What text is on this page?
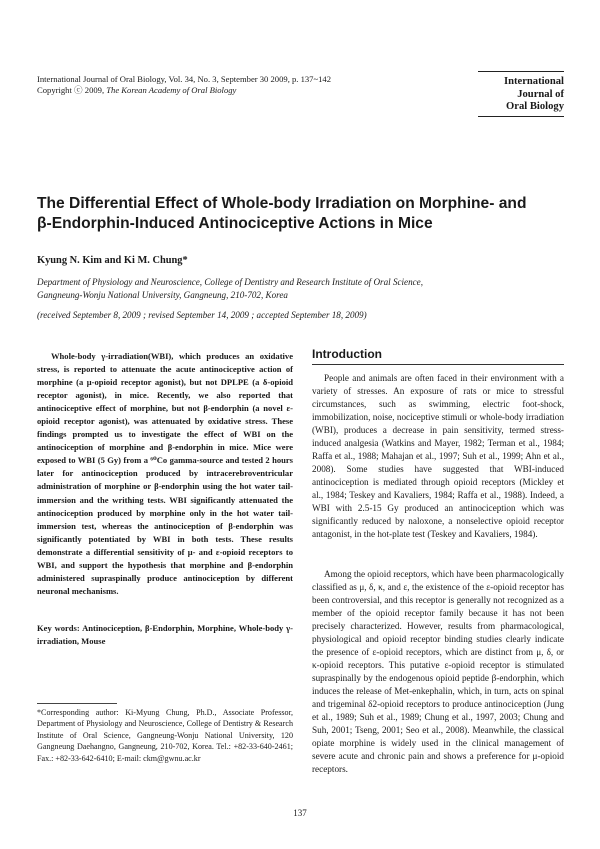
International Journal of Oral Biology, Vol. 34, No. 3, September 30 2009, p. 137~142
Copyright ⓒ 2009, The Korean Academy of Oral Biology
International
Journal of
Oral Biology
The Differential Effect of Whole-body Irradiation on Morphine- and
β-Endorphin-Induced Antinociceptive Actions in Mice
Kyung N. Kim and Ki M. Chung*
Department of Physiology and Neuroscience, College of Dentistry and Research Institute of Oral Science,
Gangneung-Wonju National University, Gangneung, 210-702, Korea
(received September 8, 2009 ; revised September 14, 2009 ; accepted September 18, 2009)
Whole-body γ-irradiation(WBI), which produces an oxidative stress, is reported to attenuate the acute antinociceptive action of morphine (a μ-opioid receptor agonist), but not DPLPE (a δ-opioid receptor agonist), in mice. Recently, we also reported that antinociceptive effect of morphine, but not β-endorphin (a novel ε-opioid receptor agonist), was attenuated by oxidative stress. These findings prompted us to investigate the effect of WBI on the antinociception of morphine and β-endorphin in mice. Mice were exposed to WBI (5 Gy) from a ⁶⁰Co gamma-source and tested 2 hours later for antinociception produced by intracerebroventricular administration of morphine or β-endorphin using the hot water tail-immersion and the writhing tests. WBI significantly attenuated the antinociception produced by morphine only in the hot water tail-immersion test, whereas the antinociception of β-endorphin was significantly potentiated by WBI in both tests. These results demonstrate a differential sensitivity of μ- and ε-opioid receptors to WBI, and support the hypothesis that morphine and β-endorphin administered supraspinally produce antinociception by different neuronal mechanisms.
Key words: Antinociception, β-Endorphin, Morphine, Whole-body γ-irradiation, Mouse
*Corresponding author: Ki-Myung Chung, Ph.D., Associate Professor, Department of Physiology and Neuroscience, College of Dentistry & Research Institute of Oral Science, Gangneung-Wonju National University, 120 Gangneung Daehangno, Gangneung, 210-702, Korea. Tel.: +82-33-640-2461; Fax.: +82-33-642-6410; E-mail: ckm@gwnu.ac.kr
Introduction
People and animals are often faced in their environment with a variety of stresses. An exposure of rats or mice to stressful circumstances, such as swimming, electric foot-shock, immobilization, noise, nociceptive stimuli or whole-body irradiation (WBI), produces a decrease in pain sensitivity, termed stress-induced analgesia (Watkins and Mayer, 1982; Terman et al., 1984; Raffa et al., 1988; Mahajan et al., 1997; Suh et al., 1999; Ahn et al., 2008). Some studies have suggested that WBI-induced antinociception is mediated through opioid receptors (Mickley et al., 1984; Teskey and Kavaliers, 1984; Raffa et al., 1988). Indeed, a WBI with 2.5-15 Gy produced an antinociception which was significantly reduced by naloxone, a nonselective opioid receptor antagonist, in the hot-plate test (Teskey and Kavaliers, 1984).
Among the opioid receptors, which have been pharmacologically classified as μ, δ, κ, and ε, the existence of the ε-opioid receptor has been controversial, and this receptor is generally not recognized as a member of the opioid receptor family because it has not been precisely characterized. However, results from pharmacological, physiological and opioid receptor binding studies clearly indicate the presence of ε-opioid receptors, which are distinct from μ, δ, or κ-opioid receptors. This putative ε-opioid receptor is stimulated supraspinally by the endogenous opioid peptide β-endorphin, which induces the release of Met-enkephalin, which, in turn, acts on spinal and trigeminal δ2-opioid receptors to produce antinociception (Jung et al., 1989; Suh et al., 1989; Chung et al., 1997, 2003; Chung and Suh, 2001; Tseng, 2001; Seo et al., 2008). Meanwhile, the classical opiate morphine is widely used in the clinical management of severe acute and chronic pain and shows a preference for μ-opioid receptors.
137
